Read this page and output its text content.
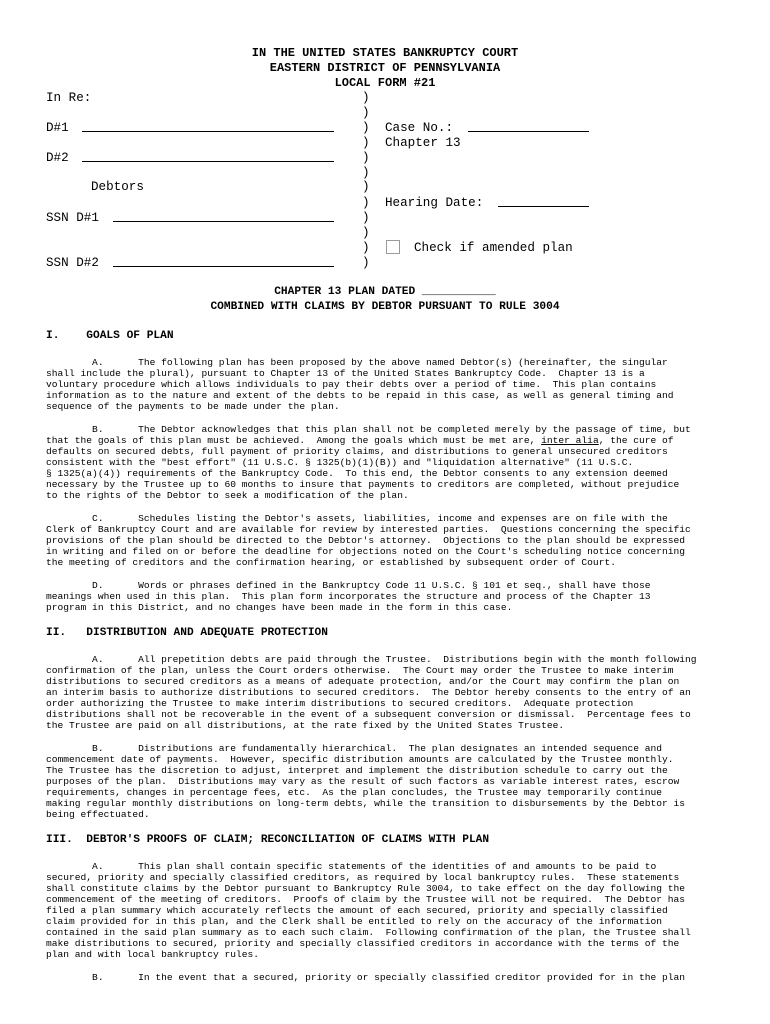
IN THE UNITED STATES BANKRUPTCY COURT
EASTERN DISTRICT OF PENNSYLVANIA
LOCAL FORM #21
In Re:
D#1
D#2
Debtors
SSN D#1
SSN D#2
)
)
)
)
)
)
)
)
)
)
)
)
Case No.:
Chapter 13
Hearing Date:
Check if amended plan
CHAPTER 13 PLAN DATED ___________
COMBINED WITH CLAIMS BY DEBTOR PURSUANT TO RULE 3004
I.    GOALS OF PLAN
A.      The following plan has been proposed by the above named Debtor(s) (hereinafter, the singular
shall include the plural), pursuant to Chapter 13 of the United States Bankruptcy Code.  Chapter 13 is a
voluntary procedure which allows individuals to pay their debts over a period of time.  This plan contains
information as to the nature and extent of the debts to be repaid in this case, as well as general timing and
sequence of the payments to be made under the plan.
B.      The Debtor acknowledges that this plan shall not be completed merely by the passage of time, but
that the goals of this plan must be achieved.  Among the goals which must be met are, inter alia, the cure of
defaults on secured debts, full payment of priority claims, and distributions to general unsecured creditors
consistent with the "best effort" (11 U.S.C. § 1325(b)(1)(B)) and "liquidation alternative" (11 U.S.C.
§ 1325(a)(4)) requirements of the Bankruptcy Code.  To this end, the Debtor consents to any extension deemed
necessary by the Trustee up to 60 months to insure that payments to creditors are completed, without prejudice
to the rights of the Debtor to seek a modification of the plan.
C.      Schedules listing the Debtor's assets, liabilities, income and expenses are on file with the
Clerk of Bankruptcy Court and are available for review by interested parties.  Questions concerning the specific
provisions of the plan should be directed to the Debtor's attorney.  Objections to the plan should be expressed
in writing and filed on or before the deadline for objections noted on the Court's scheduling notice concerning
the meeting of creditors and the confirmation hearing, or established by subsequent order of Court.
D.      Words or phrases defined in the Bankruptcy Code 11 U.S.C. § 101 et seq., shall have those
meanings when used in this plan.  This plan form incorporates the structure and process of the Chapter 13
program in this District, and no changes have been made in the form in this case.
II.   DISTRIBUTION AND ADEQUATE PROTECTION
A.      All prepetition debts are paid through the Trustee.  Distributions begin with the month following
confirmation of the plan, unless the Court orders otherwise.  The Court may order the Trustee to make interim
distributions to secured creditors as a means of adequate protection, and/or the Court may confirm the plan on
an interim basis to authorize distributions to secured creditors.  The Debtor hereby consents to the entry of an
order authorizing the Trustee to make interim distributions to secured creditors.  Adequate protection
distributions shall not be recoverable in the event of a subsequent conversion or dismissal.  Percentage fees to
the Trustee are paid on all distributions, at the rate fixed by the United States Trustee.
B.      Distributions are fundamentally hierarchical.  The plan designates an intended sequence and
commencement date of payments.  However, specific distribution amounts are calculated by the Trustee monthly.
The Trustee has the discretion to adjust, interpret and implement the distribution schedule to carry out the
purposes of the plan.  Distributions may vary as the result of such factors as variable interest rates, escrow
requirements, changes in percentage fees, etc.  As the plan concludes, the Trustee may temporarily continue
making regular monthly distributions on long-term debts, while the transition to disbursements by the Debtor is
being effectuated.
III.  DEBTOR'S PROOFS OF CLAIM; RECONCILIATION OF CLAIMS WITH PLAN
A.      This plan shall contain specific statements of the identities of and amounts to be paid to
secured, priority and specially classified creditors, as required by local bankruptcy rules.  These statements
shall constitute claims by the Debtor pursuant to Bankruptcy Rule 3004, to take effect on the day following the
commencement of the meeting of creditors.  Proofs of claim by the Trustee will not be required.  The Debtor has
filed a plan summary which accurately reflects the amount of each secured, priority and specially classified
claim provided for in this plan, and the Clerk shall be entitled to rely on the accuracy of the information
contained in the said plan summary as to each such claim.  Following confirmation of the plan, the Trustee shall
make distributions to secured, priority and specially classified creditors in accordance with the terms of the
plan and with local bankruptcy rules.
B.      In the event that a secured, priority or specially classified creditor provided for in the plan
